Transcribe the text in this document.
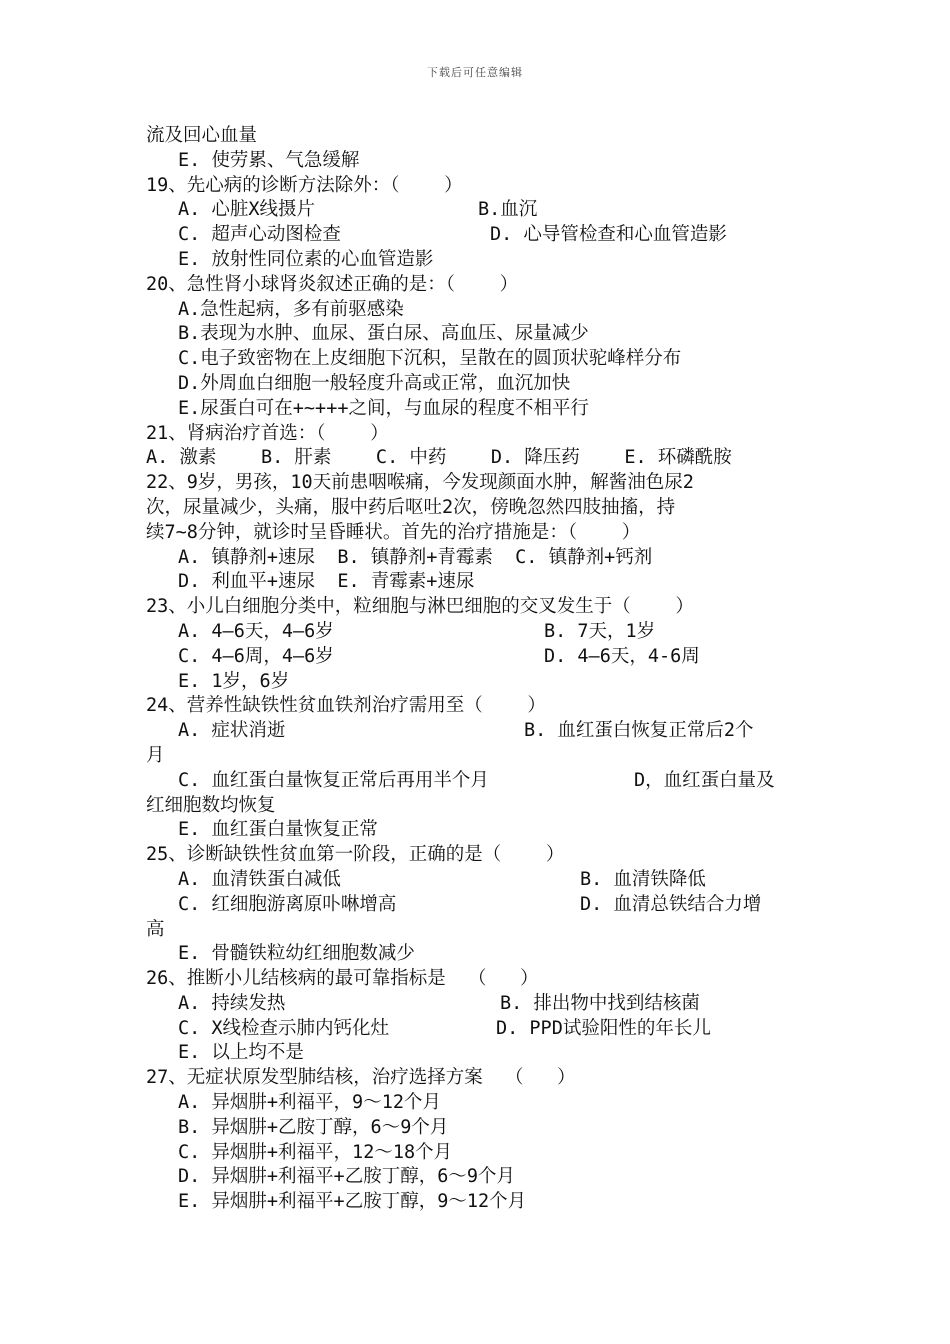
下载后可任意编辑
流及回心血量
E. 使劳累、气急缓解
19、先心病的诊断方法除外：（    ）
A. 心脏X线摄片	B.血沉
C. 超声心动图检查	D. 心导管检查和心血管造影
E. 放射性同位素的心血管造影
20、急性肾小球肾炎叙述正确的是：（    ）
A.急性起病，多有前驱感染
B.表现为水肿、血尿、蛋白尿、高血压、尿量减少
C.电子致密物在上皮细胞下沉积，呈散在的圆顶状驼峰样分布
D.外周血白细胞一般轻度升高或正常，血沉加快
E.尿蛋白可在+~+++之间，与血尿的程度不相平行
21、肾病治疗首选：（    ）
A. 激素    B. 肝素    C. 中药    D. 降压药    E. 环磷酰胺
22、9岁，男孩，10天前患咽喉痛，今发现颜面水肿，解酱油色尿2
次，尿量减少，头痛，服中药后呕吐2次，傍晚忽然四肢抽搐，持
续7~8分钟，就诊时呈昏睡状。首先的治疗措施是：（    ）
A. 镇静剂+速尿  B. 镇静剂+青霉素  C. 镇静剂+钙剂
D. 利血平+速尿  E. 青霉素+速尿
23、小儿白细胞分类中，粒细胞与淋巴细胞的交叉发生于（    ）
A. 4—6天，4—6岁	B. 7天，1岁
C. 4—6周，4—6岁	D. 4—6天，4-6周
E. 1岁，6岁
24、营养性缺铁性贫血铁剂治疗需用至（    ）
A. 症状消逝	B. 血红蛋白恢复正常后2个
月
C. 血红蛋白量恢复正常后再用半个月	D，血红蛋白量及
红细胞数均恢复
E. 血红蛋白量恢复正常
25、诊断缺铁性贫血第一阶段，正确的是（    ）
A. 血清铁蛋白减低	B. 血清铁降低
C. 红细胞游离原卟啉增高	D. 血清总铁结合力增
高
E. 骨髓铁粒幼红细胞数减少
26、推断小儿结核病的最可靠指标是  （   ）
A. 持续发热	B. 排出物中找到结核菌
C. X线检查示肺内钙化灶	D. PPD试验阳性的年长儿
E. 以上均不是
27、无症状原发型肺结核，治疗选择方案  （   ）
A. 异烟肼+利福平，9～12个月
B. 异烟肼+乙胺丁醇，6～9个月
C. 异烟肼+利福平，12～18个月
D. 异烟肼+利福平+乙胺丁醇，6～9个月
E. 异烟肼+利福平+乙胺丁醇，9～12个月
